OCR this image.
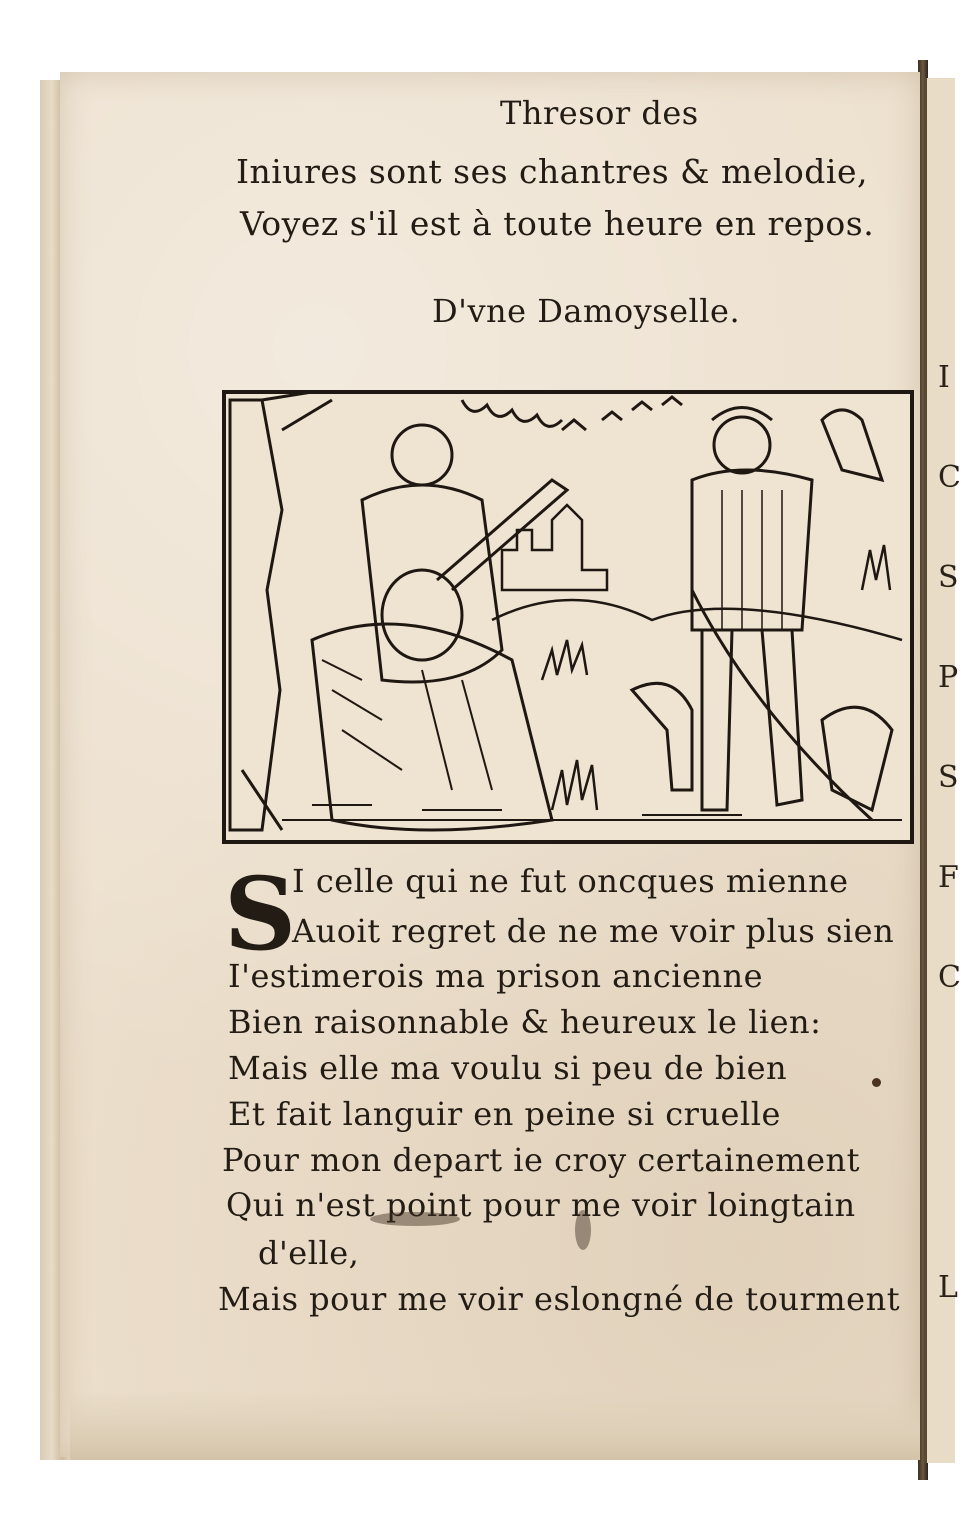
I
C
S
P
S
F
C
L
Thresor des
Iniures sont ses chantres & melodie,
Voyez s'il est à toute heure en repos.
D'vne Damoyselle.
S
I celle qui ne fut oncques mienne
Auoit regret de ne me voir plus sien
I'estimerois ma prison ancienne
Bien raisonnable & heureux le lien:
Mais elle ma voulu si peu de bien
Et fait languir en peine si cruelle
Pour mon depart ie croy certainement
Qui n'est point pour me voir loingtain
d'elle,
Mais pour me voir eslongné de tourment
